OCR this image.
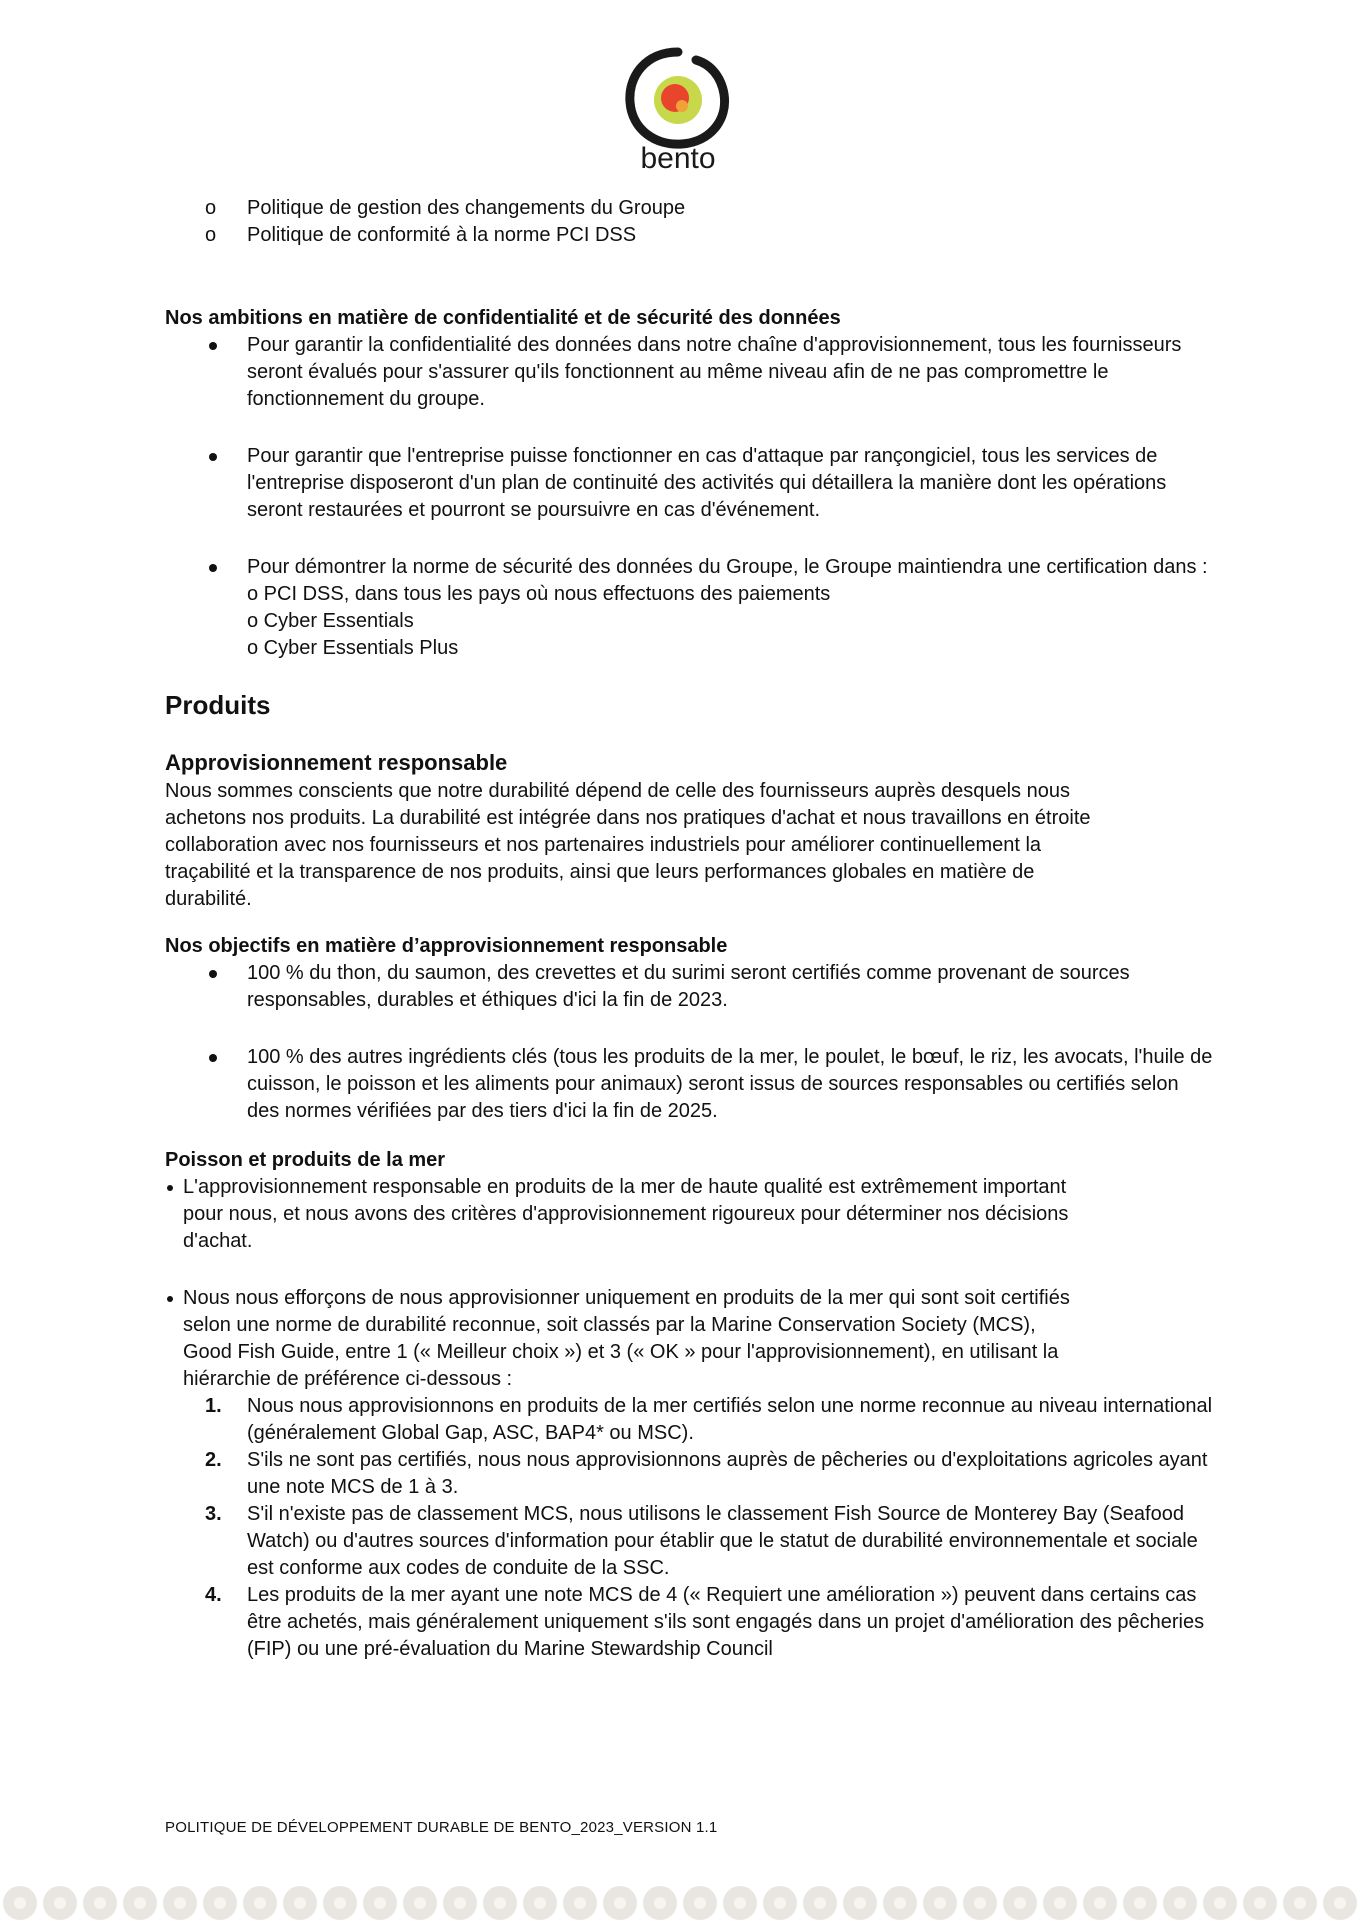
bento
o Politique de gestion des changements du Groupe
o Politique de conformité à la norme PCI DSS

Nos ambitions en matière de confidentialité et de sécurité des données

Pour garantir la confidentialité des données dans notre chaîne d'approvisionnement, tous les fournisseurs seront évalués pour s'assurer qu'ils fonctionnent au même niveau afin de ne pas compromettre le fonctionnement du groupe.
Pour garantir que l'entreprise puisse fonctionner en cas d'attaque par rançongiciel, tous les services de l'entreprise disposeront d'un plan de continuité des activités qui détaillera la manière dont les opérations seront restaurées et pourront se poursuivre en cas d'événement.
Pour démontrer la norme de sécurité des données du Groupe, le Groupe maintiendra une certification dans :
o PCI DSS, dans tous les pays où nous effectuons des paiements
o Cyber Essentials
o Cyber Essentials Plus

Produits

Approvisionnement responsable

Nous sommes conscients que notre durabilité dépend de celle des fournisseurs auprès desquels nous achetons nos produits. La durabilité est intégrée dans nos pratiques d'achat et nous travaillons en étroite collaboration avec nos fournisseurs et nos partenaires industriels pour améliorer continuellement la traçabilité et la transparence de nos produits, ainsi que leurs performances globales en matière de durabilité.

Nos objectifs en matière d’approvisionnement responsable

100 % du thon, du saumon, des crevettes et du surimi seront certifiés comme provenant de sources responsables, durables et éthiques d'ici la fin de 2023.
100 % des autres ingrédients clés (tous les produits de la mer, le poulet, le bœuf, le riz, les avocats, l'huile de cuisson, le poisson et les aliments pour animaux) seront issus de sources responsables ou certifiés selon des normes vérifiées par des tiers d'ici la fin de 2025.

Poisson et produits de la mer

L'approvisionnement responsable en produits de la mer de haute qualité est extrêmement important pour nous, et nous avons des critères d'approvisionnement rigoureux pour déterminer nos décisions d'achat.
Nous nous efforçons de nous approvisionner uniquement en produits de la mer qui sont soit certifiés selon une norme de durabilité reconnue, soit classés par la Marine Conservation Society (MCS), Good Fish Guide, entre 1 (« Meilleur choix ») et 3 (« OK » pour l'approvisionnement), en utilisant la hiérarchie de préférence ci-dessous :
1. Nous nous approvisionnons en produits de la mer certifiés selon une norme reconnue au niveau international (généralement Global Gap, ASC, BAP4* ou MSC).
2. S'ils ne sont pas certifiés, nous nous approvisionnons auprès de pêcheries ou d'exploitations agricoles ayant une note MCS de 1 à 3.
3. S'il n'existe pas de classement MCS, nous utilisons le classement Fish Source de Monterey Bay (Seafood Watch) ou d'autres sources d'information pour établir que le statut de durabilité environnementale et sociale est conforme aux codes de conduite de la SSC.
4. Les produits de la mer ayant une note MCS de 4 (« Requiert une amélioration ») peuvent dans certains cas être achetés, mais généralement uniquement s'ils sont engagés dans un projet d'amélioration des pêcheries (FIP) ou une pré-évaluation du Marine Stewardship Council
POLITIQUE DE DÉVELOPPEMENT DURABLE DE BENTO_2023_VERSION 1.1
